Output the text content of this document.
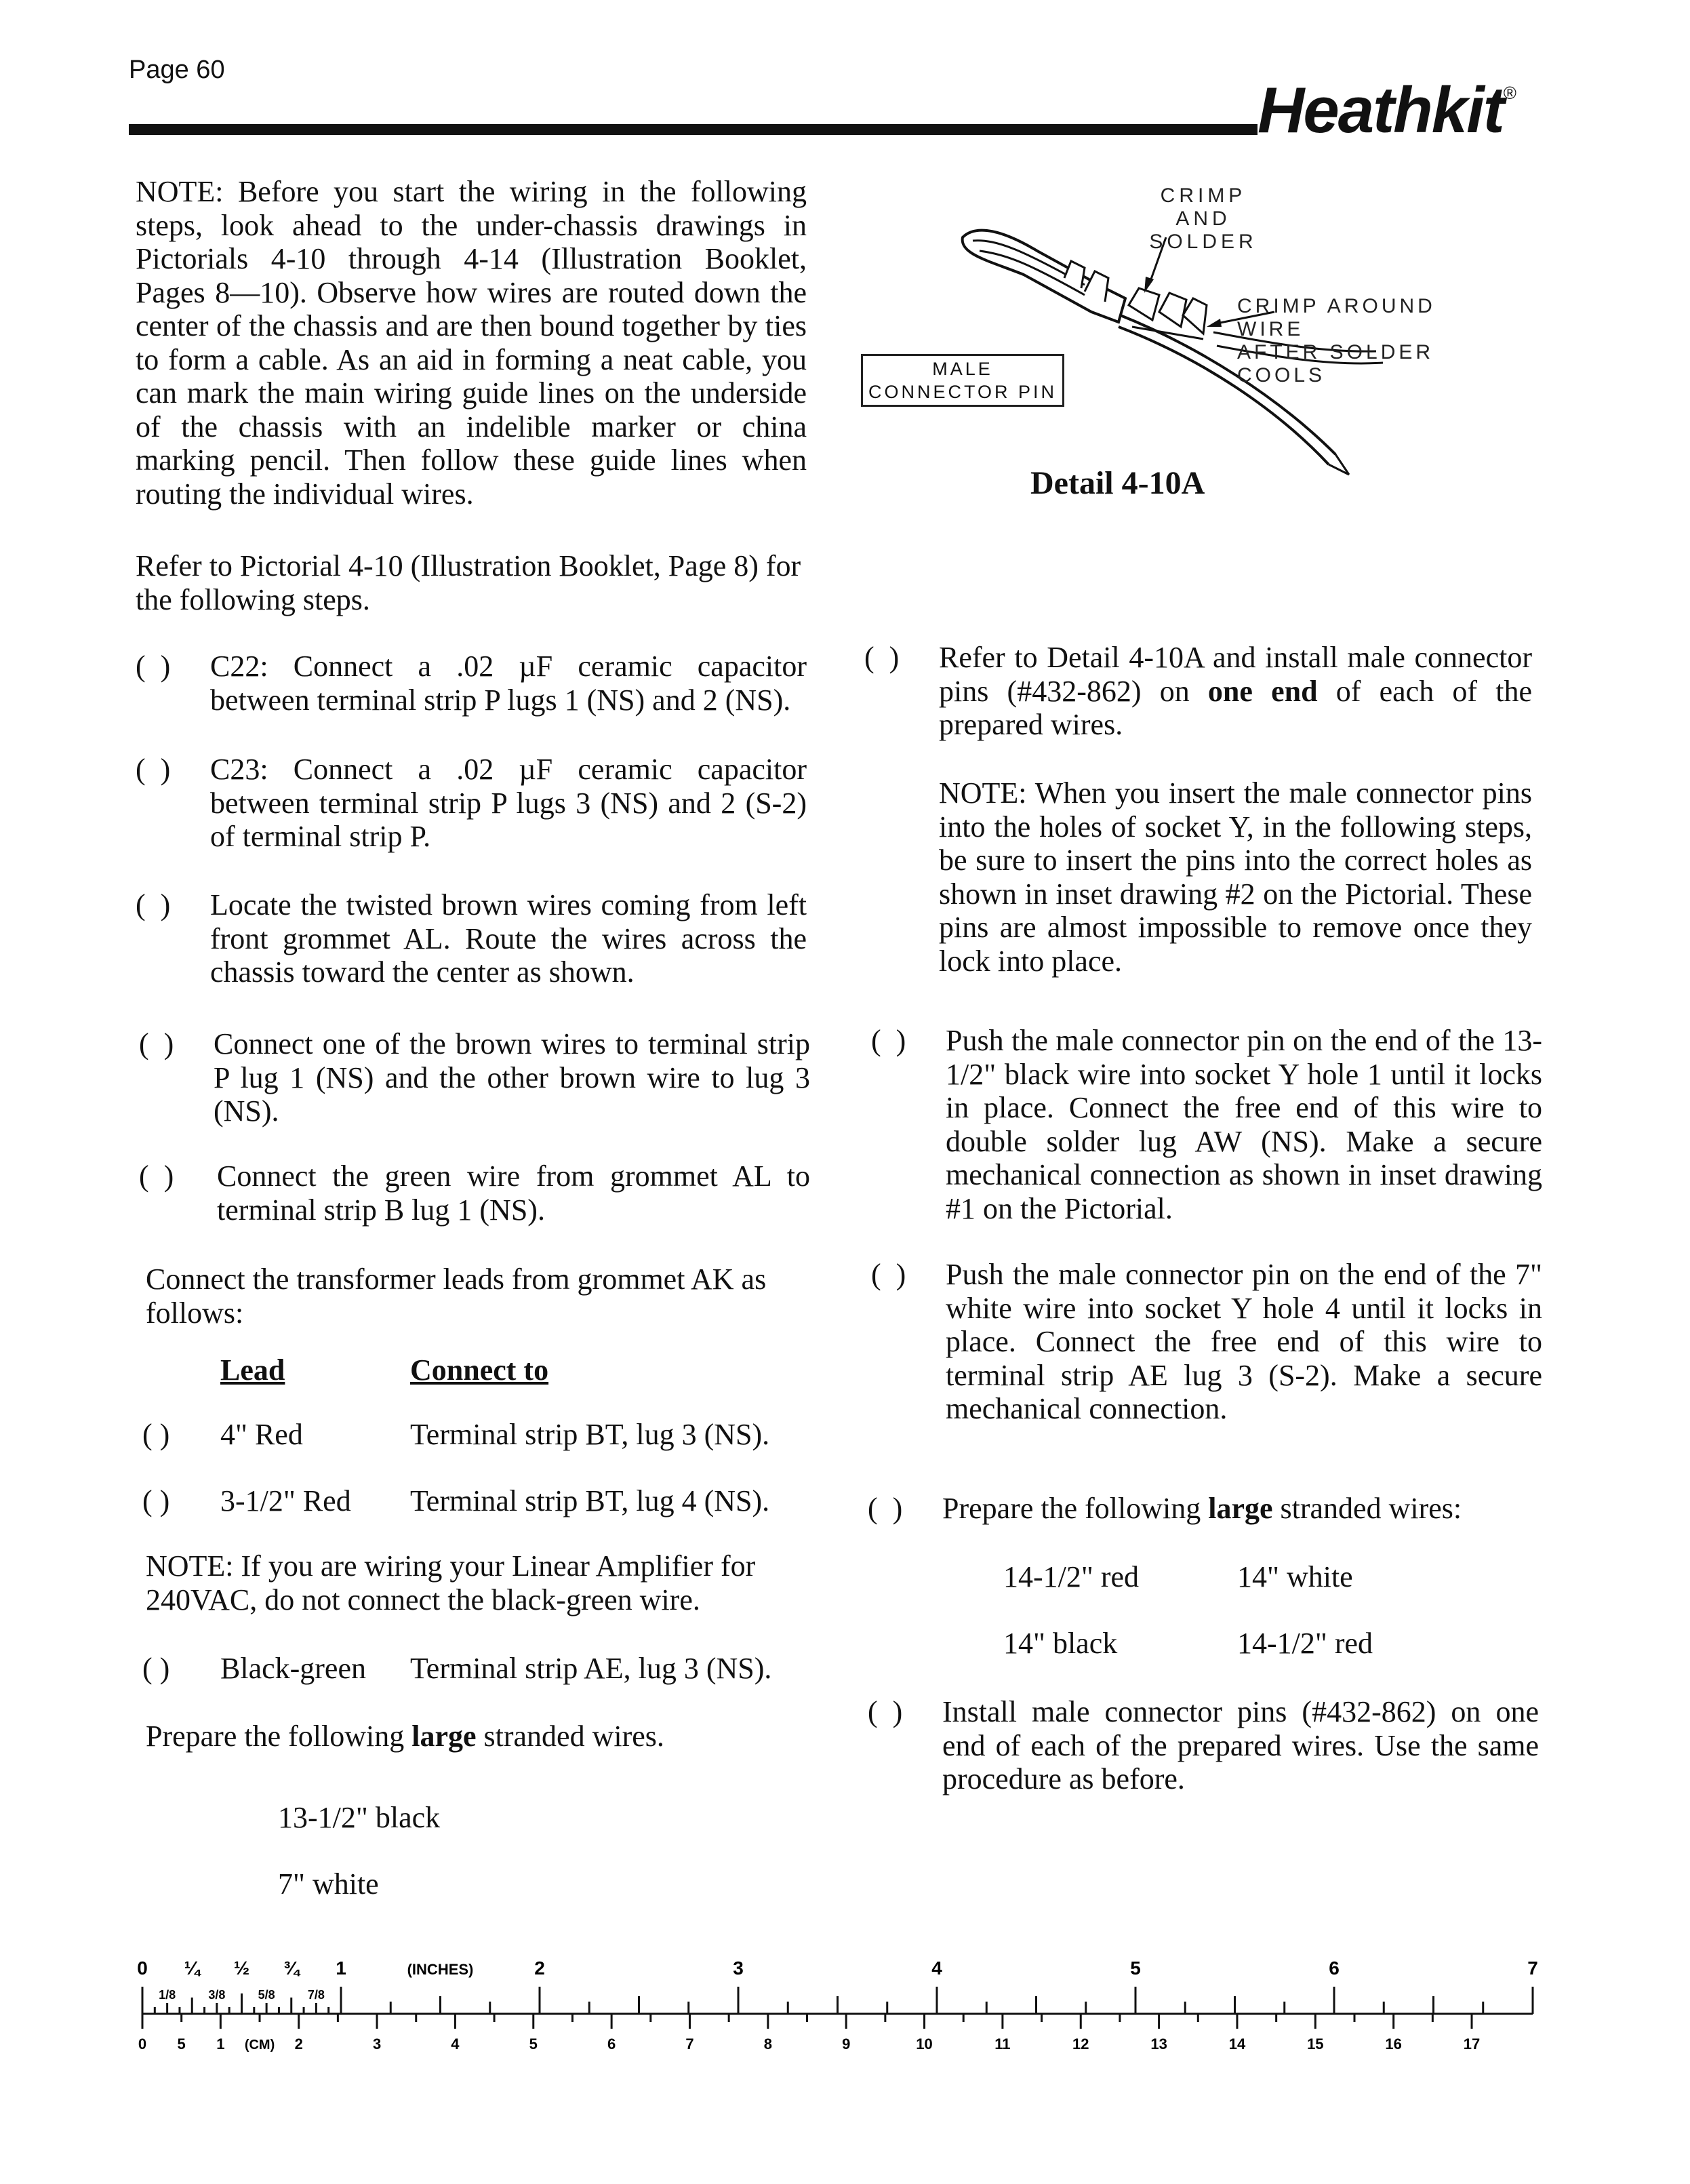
Page 60
Heathkit®
NOTE: Before you start the wiring in the following steps, look ahead to the under-chassis drawings in Pictorials 4-10 through 4-14 (Illustration Booklet, Pages 8—10). Observe how wires are routed down the center of the chassis and are then bound together by ties to form a cable. As an aid in forming a neat cable, you can mark the main wiring guide lines on the underside of the chassis with an indelible marker or china marking pencil. Then follow these guide lines when routing the individual wires.
CRIMP
AND
SOLDER
CRIMP AROUND WIRE
AFTER SOLDER COOLS
MALE
CONNECTOR PIN
Detail 4-10A
Refer to Pictorial 4-10 (Illustration Booklet, Page 8) for the following steps.
(  ) C22: Connect a .02 µF ceramic capacitor between terminal strip P lugs 1 (NS) and 2 (NS).
(  ) C23: Connect a .02 µF ceramic capacitor between terminal strip P lugs 3 (NS) and 2 (S-2) of terminal strip P.
(  ) Locate the twisted brown wires coming from left front grommet AL. Route the wires across the chassis toward the center as shown.
(  ) Connect one of the brown wires to terminal strip P lug 1 (NS) and the other brown wire to lug 3 (NS).
(  ) Connect the green wire from grommet AL to terminal strip B lug 1 (NS).
Connect the transformer leads from grommet AK as follows:
Lead	Connect to
( ) 4" Red	Terminal strip BT, lug 3 (NS).
( ) 3-1/2" Red Terminal strip BT, lug 4 (NS).
NOTE: If you are wiring your Linear Amplifier for 240VAC, do not connect the black-green wire.
( ) Black-green Terminal strip AE, lug 3 (NS).
Prepare the following large stranded wires.
13-1/2" black
7" white
(  ) Refer to Detail 4-10A and install male connector pins (#432-862) on one end of each of the prepared wires.
NOTE: When you insert the male connector pins into the holes of socket Y, in the following steps, be sure to insert the pins into the correct holes as shown in inset drawing #2 on the Pictorial. These pins are almost impossible to remove once they lock into place.
(  ) Push the male connector pin on the end of the 13-1/2" black wire into socket Y hole 1 until it locks in place. Connect the free end of this wire to double solder lug AW (NS). Make a secure mechanical connection as shown in inset drawing #1 on the Pictorial.
(  ) Push the male connector pin on the end of the 7" white wire into socket Y hole 4 until it locks in place. Connect the free end of this wire to terminal strip AE lug 3 (S-2). Make a secure mechanical connection.
(  ) Prepare the following large stranded wires:
14-1/2" red	14" white
14" black	14-1/2" red
(  ) Install male connector pins (#432-862) on one end of each of the prepared wires. Use the same procedure as before.
0 ¼ ½ ¾ 1	(INCHES)	2	3	4	5	6	7
1/8	3/8	5/8	7/8
0 5 1 (CM) 2	3	4	5	6	7	8	9	10	11	12	13	14	15	16	17
